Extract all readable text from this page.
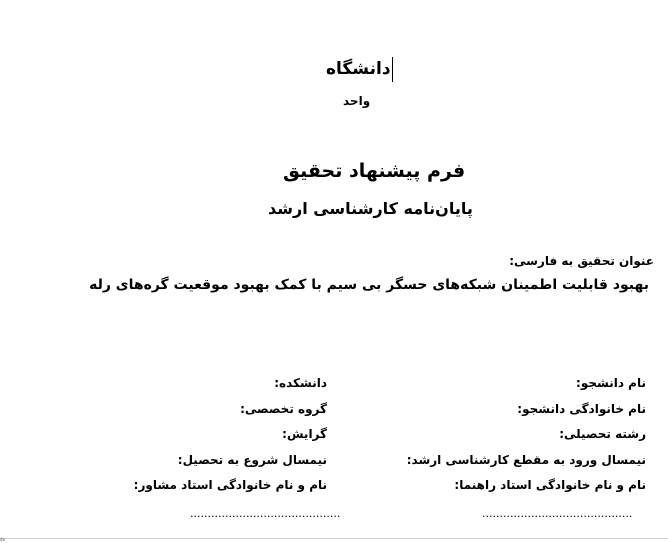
دانشگاه
واحد
فرم پیشنهاد تحقیق
پایان‌نامه کارشناسی ارشد
عنوان تحقیق به فارسی:
بهبود قابلیت اطمینان شبکه‌های حسگر بی سیم با کمک بهبود موقعیت گره‌های رله
نام دانشجو:
نام خانوادگی دانشجو:
رشته تحصیلی:
نیمسال ورود به مقطع کارشناسی ارشد:
نام و نام خانوادگی استاد راهنما:
دانشکده:
گروه تخصصی:
گرایش:
نیمسال شروع به تحصیل:
نام و نام خانوادگی استاد مشاور:
...........................................
...........................................
4b
